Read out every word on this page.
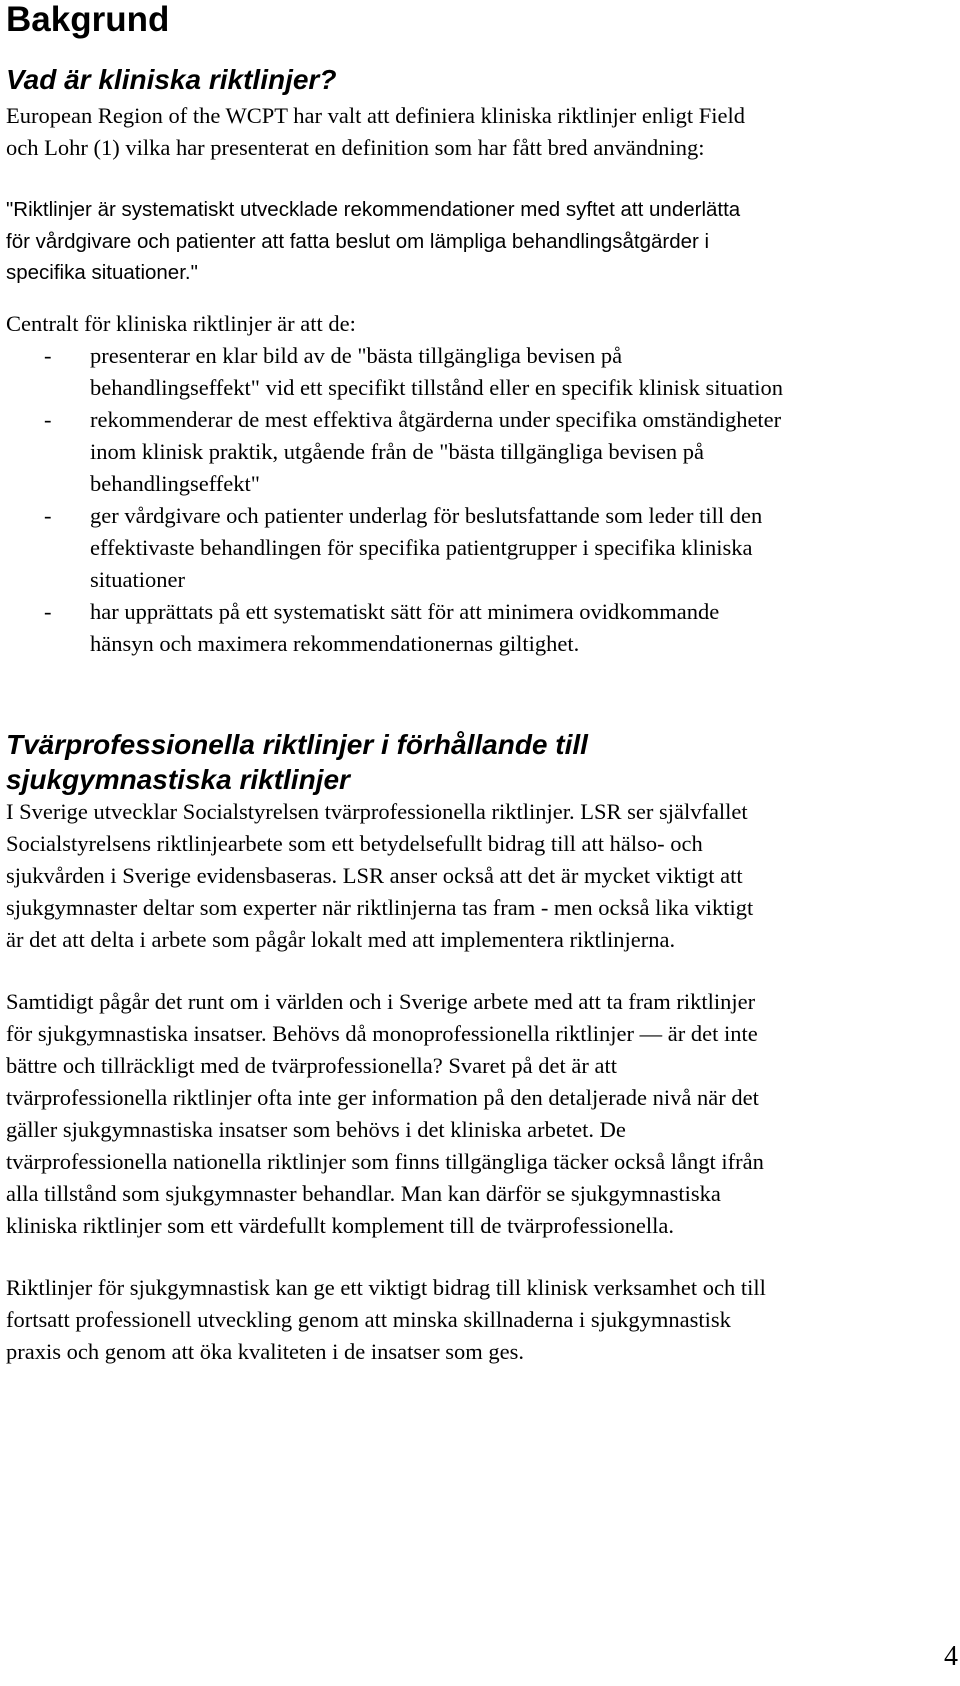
Bakgrund
Vad är kliniska riktlinjer?

European Region of the WCPT har valt att definiera kliniska riktlinjer enligt Field
och Lohr (1) vilka har presenterat en definition som har fått bred användning:

"Riktlinjer är systematiskt utvecklade rekommendationer med syftet att underlätta
för vårdgivare och patienter att fatta beslut om lämpliga behandlingsåtgärder i
specifika situationer."

Centralt för kliniska riktlinjer är att de:
- presenterar en klar bild av de "bästa tillgängliga bevisen på
behandlingseffekt" vid ett specifikt tillstånd eller en specifik klinisk situation
- rekommenderar de mest effektiva åtgärderna under specifika omständigheter
inom klinisk praktik, utgående från de "bästa tillgängliga bevisen på
behandlingseffekt"
- ger vårdgivare och patienter underlag för beslutsfattande som leder till den
effektivaste behandlingen för specifika patientgrupper i specifika kliniska
situationer
- har upprättats på ett systematiskt sätt för att minimera ovidkommande
hänsyn och maximera rekommendationernas giltighet.
Tvärprofessionella riktlinjer i förhållande till
sjukgymnastiska riktlinjer

I Sverige utvecklar Socialstyrelsen tvärprofessionella riktlinjer. LSR ser självfallet
Socialstyrelsens riktlinjearbete som ett betydelsefullt bidrag till att hälso- och
sjukvården i Sverige evidensbaseras. LSR anser också att det är mycket viktigt att
sjukgymnaster deltar som experter när riktlinjerna tas fram - men också lika viktigt
är det att delta i arbete som pågår lokalt med att implementera riktlinjerna.

Samtidigt pågår det runt om i världen och i Sverige arbete med att ta fram riktlinjer
för sjukgymnastiska insatser. Behövs då monoprofessionella riktlinjer — är det inte
bättre och tillräckligt med de tvärprofessionella? Svaret på det är att
tvärprofessionella riktlinjer ofta inte ger information på den detaljerade nivå när det
gäller sjukgymnastiska insatser som behövs i det kliniska arbetet. De
tvärprofessionella nationella riktlinjer som finns tillgängliga täcker också långt ifrån
alla tillstånd som sjukgymnaster behandlar. Man kan därför se sjukgymnastiska
kliniska riktlinjer som ett värdefullt komplement till de tvärprofessionella.

Riktlinjer för sjukgymnastisk kan ge ett viktigt bidrag till klinisk verksamhet och till
fortsatt professionell utveckling genom att minska skillnaderna i sjukgymnastisk
praxis och genom att öka kvaliteten i de insatser som ges.

4
